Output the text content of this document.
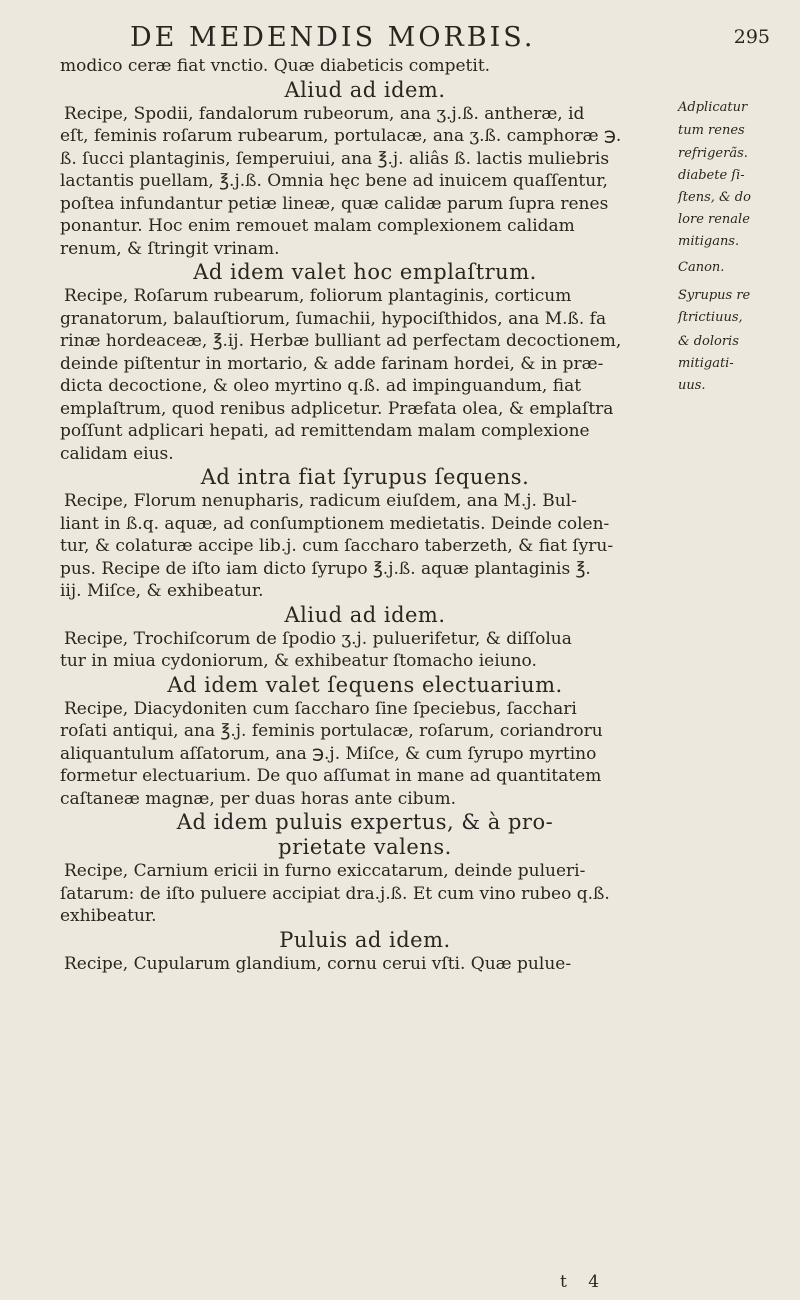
DE MEDENDIS MORBIS.	295
modico ceræ fiat vnctio. Quæ diabeticis competit.
Aliud ad idem.
Recipe, Spodii, fandalorum rubeorum, ana ʒ.j.ß. antheræ, id
eſt, feminis roſarum rubearum, portulacæ, ana ʒ.ß. camphoræ ℈.
ß. ſucci plantaginis, ſemperuiui, ana ℥.j. aliâs ß. lactis muliebris
lactantis puellam, ℥.j.ß. Omnia hęc bene ad inuicem quaſſentur,
poſtea infundantur petiæ lineæ, quæ calidæ parum ſupra renes
ponantur. Hoc enim remouet malam complexionem calidam
renum, & ſtringit vrinam.
Ad idem valet hoc emplaſtrum.
Recipe, Roſarum rubearum, foliorum plantaginis, corticum
granatorum, balauſtiorum, ſumachii, hypociſthidos, ana M.ß. fa
rinæ hordeaceæ, ℥.ij. Herbæ bulliant ad perfectam decoctionem,
deinde piſtentur in mortario, & adde farinam hordei, & in præ-
dicta decoctione, & oleo myrtino q.ß. ad impinguandum, fiat
emplaſtrum, quod renibus adplicetur. Præfata olea, & emplaſtra
poſſunt adplicari hepati, ad remittendam malam complexione
calidam eius.
Ad intra fiat ſyrupus ſequens.
Recipe, Florum nenupharis, radicum eiuſdem, ana M.j. Bul-
liant in ß.q. aquæ, ad conſumptionem medietatis. Deinde colen-
tur, & colaturæ accipe lib.j. cum ſaccharo taberzeth, & fiat ſyru-
pus. Recipe de iſto iam dicto ſyrupo ℥.j.ß. aquæ plantaginis ℥.
iij. Miſce, & exhibeatur.
Aliud ad idem.
Recipe, Trochiſcorum de ſpodio ʒ.j. puluerifetur, & diſſolua
tur in miua cydoniorum, & exhibeatur ſtomacho ieiuno.
Ad idem valet ſequens electuarium.
Recipe, Diacydoniten cum ſaccharo ſine ſpeciebus, ſacchari
roſati antiqui, ana ℥.j. feminis portulacæ, roſarum, coriandroru
aliquantulum aſſatorum, ana ℈.j. Miſce, & cum ſyrupo myrtino
formetur electuarium. De quo aſſumat in mane ad quantitatem
caſtaneæ magnæ, per duas horas ante cibum.
Ad idem puluis expertus, & à pro-
prietate valens.
Recipe, Carnium ericii in furno exiccatarum, deinde pulueri-
ſatarum: de iſto puluere accipiat dra.j.ß. Et cum vino rubeo q.ß.
exhibeatur.
Puluis ad idem.
Recipe, Cupularum glandium, cornu cerui vſti. Quæ pulue-
Adplicatur
tum renes
refrigerãs.
diabete ſi-
ſtens, & do
lore renale
mitigans.
Canon.
Syrupus re
ſtrictiuus,
& doloris
mitigati-
uus.
t 4
